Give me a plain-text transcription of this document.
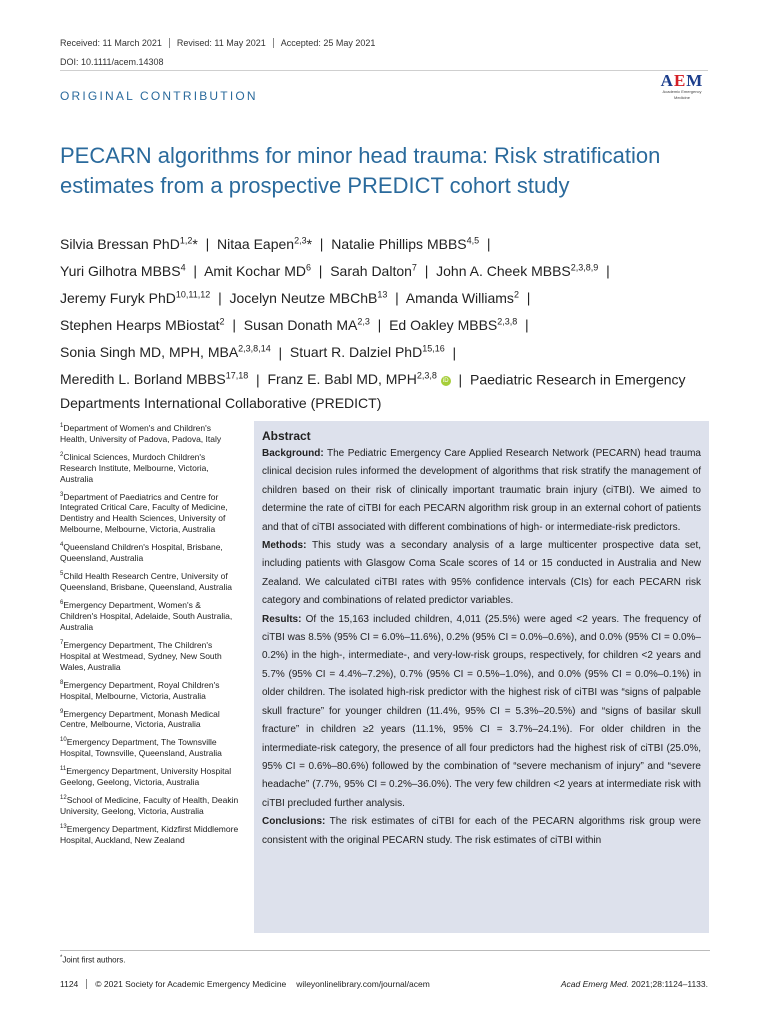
Received: 11 March 2021	Revised: 11 May 2021	Accepted: 25 May 2021
DOI: 10.1111/acem.14308
AEM
Academic Emergency Medicine
ORIGINAL CONTRIBUTION
PECARN algorithms for minor head trauma: Risk stratification estimates from a prospective PREDICT cohort study
Silvia Bressan PhD$^{1,2}$*  |  Nitaa Eapen$^{2,3}$*  |  Natalie Phillips MBBS$^{4,5}$  |
Yuri Gilhotra MBBS$^4$  |  Amit Kochar $MD^6$  |  Sarah Dalton$^7$  |  John A. Cheek MBBS$^{2,3,8,9}$  |
Jeremy Furyk PhD$^{10,11,12}$  |  Jocelyn Neutze MBChB$^{13}$  |  Amanda Williams$^2$  |
Stephen Hearps MBiostat$^2$  |  Susan Donath MA$^{2,3}$  |  Ed Oakley MBBS$^{2,3,8}$  |
Sonia Singh MD, MPH, MBA$^{2,3,8,14}$  |  Stuart R. Dalziel PhD$^{15,16}$  |
Meredith L. Borland MBBS$^{17,18}$  |  Franz E. Babl MD, MPH$^{2,3,8}$ iD  |  Paediatric Research in Emergency Departments International Collaborative (PREDICT)
$^1$Department of Women's and Children's Health, University of Padova, Padova, Italy
$^2$Clinical Sciences, Murdoch Children's Research Institute, Melbourne, Victoria, Australia
$^3$Department of Paediatrics and Centre for Integrated Critical Care, Faculty of Medicine, Dentistry and Health Sciences, University of Melbourne, Melbourne, Victoria, Australia
$^4$Queensland Children's Hospital, Brisbane, Queensland, Australia
$^5$Child Health Research Centre, University of Queensland, Brisbane, Queensland, Australia
$^6$Emergency Department, Women's & Children's Hospital, Adelaide, South Australia, Australia
$^7$Emergency Department, The Children's Hospital at Westmead, Sydney, New South Wales, Australia
$^8$Emergency Department, Royal Children's Hospital, Melbourne, Victoria, Australia
$^9$Emergency Department, Monash Medical Centre, Melbourne, Victoria, Australia
$^{10}$Emergency Department, The Townsville Hospital, Townsville, Queensland, Australia
$^{11}$Emergency Department, University Hospital Geelong, Geelong, Victoria, Australia
$^{12}$School of Medicine, Faculty of Health, Deakin University, Geelong, Victoria, Australia
$^{13}$Emergency Department, Kidzfirst Middlemore Hospital, Auckland, New Zealand
Abstract

Background: The Pediatric Emergency Care Applied Research Network (PECARN) head trauma clinical decision rules informed the development of algorithms that risk stratify the management of children based on their risk of clinically important traumatic brain injury (ciTBI). We aimed to determine the rate of ciTBI for each PECARN algorithm risk group in an external cohort of patients and that of ciTBI associated with different combinations of high- or intermediate-risk predictors.

Methods: This study was a secondary analysis of a large multicenter prospective data set, including patients with Glasgow Coma Scale scores of 14 or 15 conducted in Australia and New Zealand. We calculated ciTBI rates with 95% confidence intervals (CIs) for each PECARN risk category and combinations of related predictor variables.

Results: Of the 15,163 included children, 4,011 (25.5%) were aged <2 years. The frequency of ciTBI was 8.5% (95% CI = 6.0%–11.6%), 0.2% (95% CI = 0.0%–0.6%), and 0.0% (95% CI = 0.0%–0.2%) in the high-, intermediate-, and very-low-risk groups, respectively, for children <2 years and 5.7% (95% CI = 4.4%–7.2%), 0.7% (95% CI = 0.5%–1.0%), and 0.0% (95% CI = 0.0%–0.1%) in older children. The isolated high-risk predictor with the highest risk of ciTBI was “signs of palpable skull fracture” for younger children (11.4%, 95% CI = 5.3%–20.5%) and “signs of basilar skull fracture” in children ≥2 years (11.1%, 95% CI = 3.7%–24.1%). For older children in the intermediate-risk category, the presence of all four predictors had the highest risk of ciTBI (25.0%, 95% CI = 0.6%–80.6%) followed by the combination of “severe mechanism of injury” and “severe headache” (7.7%, 95% CI = 0.2%–36.0%). The very few children <2 years at intermediate risk with ciTBI precluded further analysis.

Conclusions: The risk estimates of ciTBI for each of the PECARN algorithms risk group were consistent with the original PECARN study. The risk estimates of ciTBI within

*Joint first authors.
1124	© 2021 Society for Academic Emergency Medicine wileyonlinelibrary.com/journal/acem	Acad Emerg Med. 2021;28:1124–1133.
